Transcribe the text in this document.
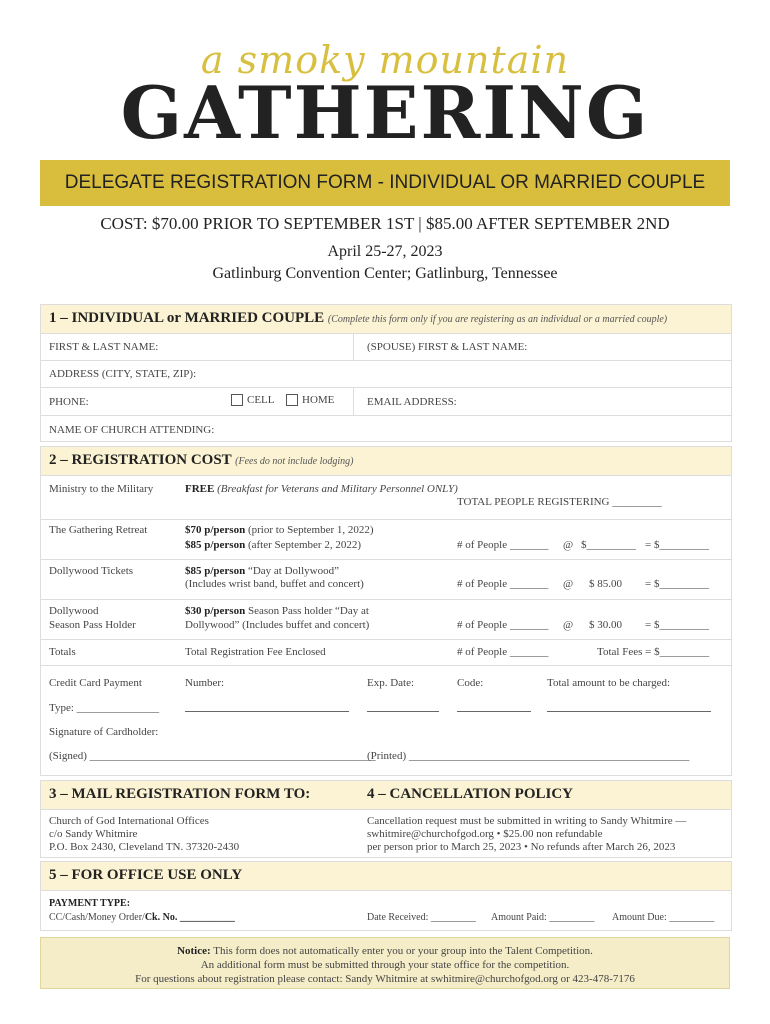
a smoky mountain
GATHERING
DELEGATE REGISTRATION FORM - INDIVIDUAL OR MARRIED COUPLE
COST: $70.00 PRIOR TO SEPTEMBER 1ST | $85.00 AFTER SEPTEMBER 2ND
April 25-27, 2023
Gatlinburg Convention Center; Gatlinburg, Tennessee
1 – INDIVIDUAL or MARRIED COUPLE (Complete this form only if you are registering as an individual or a married couple)
FIRST & LAST NAME:	(SPOUSE) FIRST & LAST NAME:
ADDRESS (CITY, STATE, ZIP):
PHONE:	CELL	HOME	EMAIL ADDRESS:
NAME OF CHURCH ATTENDING:
2 – REGISTRATION COST (Fees do not include lodging)
Ministry to the Military	FREE (Breakfast for Veterans and Military Personnel ONLY)
TOTAL PEOPLE REGISTERING _________
The Gathering Retreat	$70 p/person (prior to September 1, 2022)
$85 p/person (after September 2, 2022)	# of People _______ @ $_________ = $_________
Dollywood Tickets	$85 p/person “Day at Dollywood”
(Includes wrist band, buffet and concert)	# of People _______ @ $ 85.00 = $_________
Dollywood
Season Pass Holder
$30 p/person Season Pass holder “Day at
Dollywood” (Includes buffet and concert)	# of People _______ @ $ 30.00 = $_________
Totals	Total Registration Fee Enclosed	# of People _______	Total Fees = $_________
Credit Card Payment	Number:	Exp. Date:	Code:	Total amount to be charged:
Type: _______________
Signature of Cardholder:
(Signed) ____________________________________________________
(Printed) ___________________________________________________
3 – MAIL REGISTRATION FORM TO:	4 – CANCELLATION POLICY
Church of God International Offices
c/o Sandy Whitmire
P.O. Box 2430, Cleveland TN. 37320-2430
Cancellation request must be submitted in writing to Sandy Whitmire —
swhitmire@churchofgod.org • $25.00 non refundable
per person prior to March 25, 2023 • No refunds after March 26, 2023
5 – FOR OFFICE USE ONLY
PAYMENT TYPE:
CC/Cash/Money Order/Ck. No. ___________	Date Received: _________ Amount Paid: _________ Amount Due: _________
Notice: This form does not automatically enter you or your group into the Talent Competition.
An additional form must be submitted through your state office for the competition.
For questions about registration please contact: Sandy Whitmire at swhitmire@churchofgod.org or 423-478-7176
